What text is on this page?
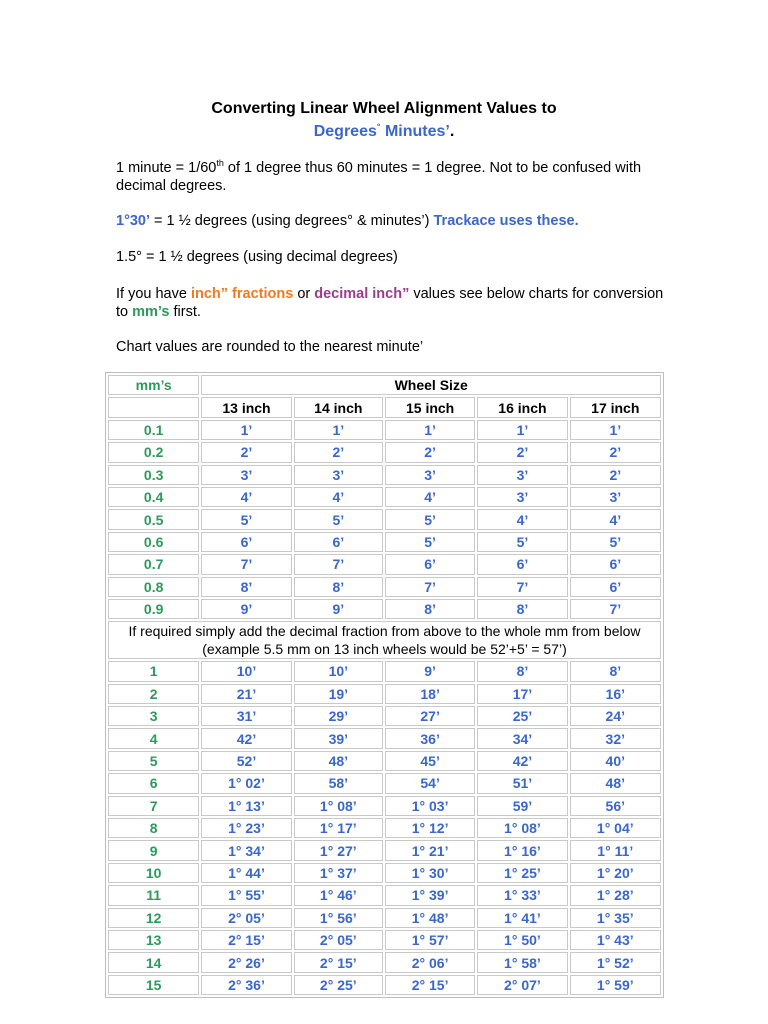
Converting Linear Wheel Alignment Values to
Degrees° Minutes’.
1 minute = 1/60th of 1 degree thus 60 minutes = 1 degree. Not to be confused with decimal degrees.
1°30’ = 1 ½ degrees (using degrees° & minutes’) Trackace uses these.
1.5° = 1 ½ degrees (using decimal degrees)
If you have inch” fractions or decimal inch” values see below charts for conversion to mm’s first.
Chart values are rounded to the nearest minute’
mm’s	Wheel Size				
	13 inch	14 inch	15 inch	16 inch	17 inch
0.1	1’	1’	1’	1’	1’
0.2	2’	2’	2’	2’	2’
0.3	3’	3’	3’	3’	2’
0.4	4’	4’	4’	3’	3’
0.5	5’	5’	5’	4’	4’
0.6	6’	6’	5’	5’	5’
0.7	7’	7’	6’	6’	6’
0.8	8’	8’	7’	7’	6’
0.9	9’	9’	8’	8’	7’
If required simply add the decimal fraction from above to the whole mm from below (example 5.5 mm on 13 inch wheels would be 52’+5’ = 57’)					
1	10’	10’	9’	8’	8’
2	21’	19’	18’	17’	16’
3	31’	29’	27’	25’	24’
4	42’	39’	36’	34’	32’
5	52’	48’	45’	42’	40’
6	1° 02’	58’	54’	51’	48’
7	1° 13’	1° 08’	1° 03’	59’	56’
8	1° 23’	1° 17’	1° 12’	1° 08’	1° 04’
9	1° 34’	1° 27’	1° 21’	1° 16’	1° 11’
10	1° 44’	1° 37’	1° 30’	1° 25’	1° 20’
11	1° 55’	1° 46’	1° 39’	1° 33’	1° 28’
12	2° 05’	1° 56’	1° 48’	1° 41’	1° 35’
13	2° 15’	2° 05’	1° 57’	1° 50’	1° 43’
14	2° 26’	2° 15’	2° 06’	1° 58’	1° 52’
15	2° 36’	2° 25’	2° 15’	2° 07’	1° 59’
